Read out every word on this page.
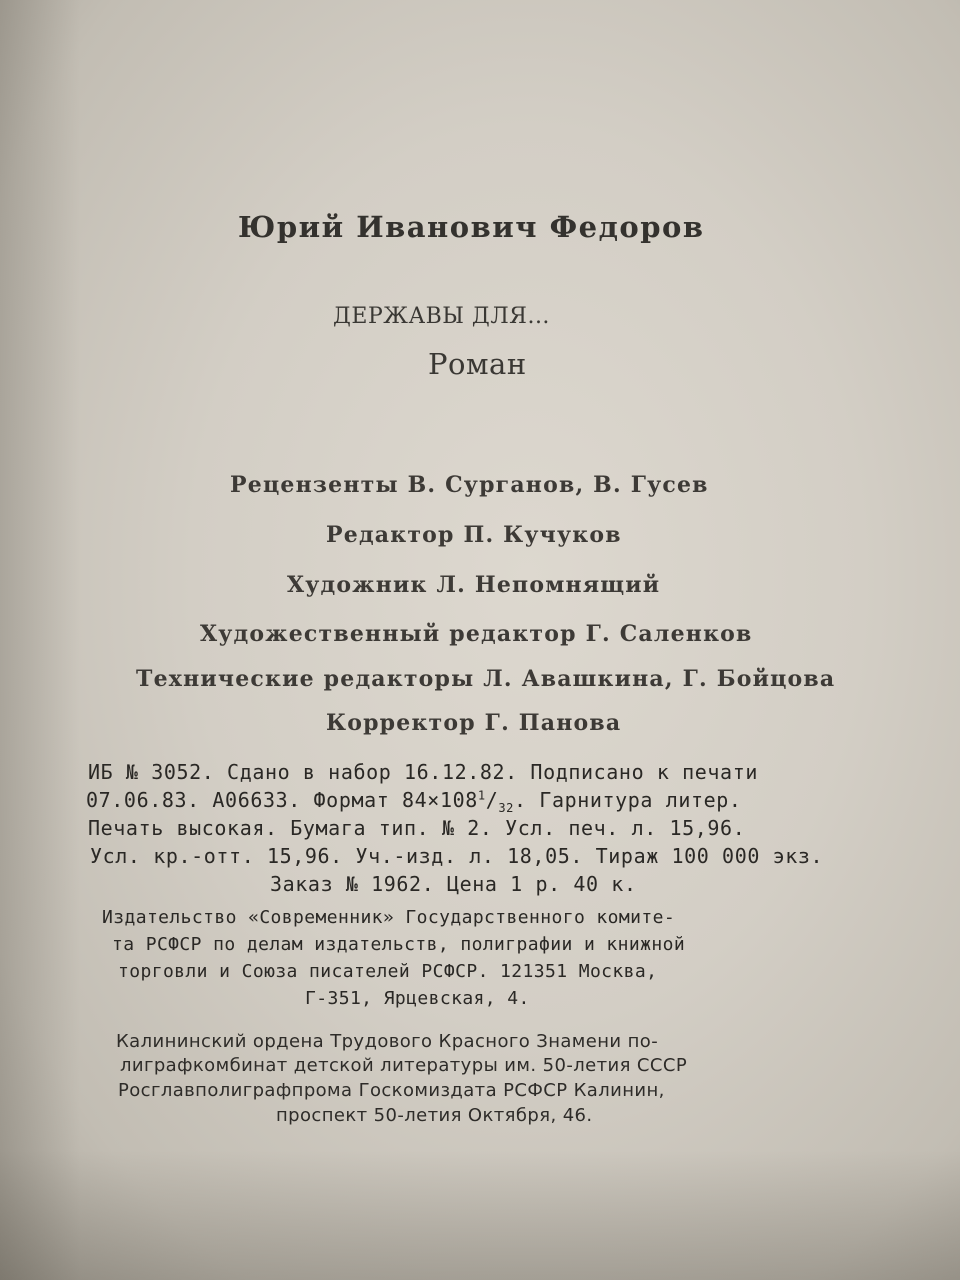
Юрий Иванович Федоров
ДЕРЖАВЫ ДЛЯ...
Роман
Рецензенты В. Сурганов, В. Гусев
Редактор П. Кучуков
Художник Л. Непомнящий
Художественный редактор Г. Саленков
Технические редакторы Л. Авашкина, Г. Бойцова
Корректор Г. Панова
ИБ № 3052. Сдано в набор 16.12.82. Подписано к печати
07.06.83. А06633. Формат $84\times 108^1/_{32}$. Гарнитура литер.
Печать высокая. Бумага тип. № 2. Усл. печ. л. 15,96.
Усл. кр.-отт. 15,96. Уч.-изд. л. 18,05. Тираж 100 000 экз.
Заказ № 1962. Цена 1 р. 40 к.
Издательство «Современник» Государственного комите-
та РСФСР по делам издательств, полиграфии и книжной
торговли и Союза писателей РСФСР. 121351 Москва,
Г-351, Ярцевская, 4.
Калининский ордена Трудового Красного Знамени по-
лиграфкомбинат детской литературы им. 50-летия СССР
Росглавполиграфпрома Госкомиздата РСФСР Калинин,
проспект 50-летия Октября, 46.
